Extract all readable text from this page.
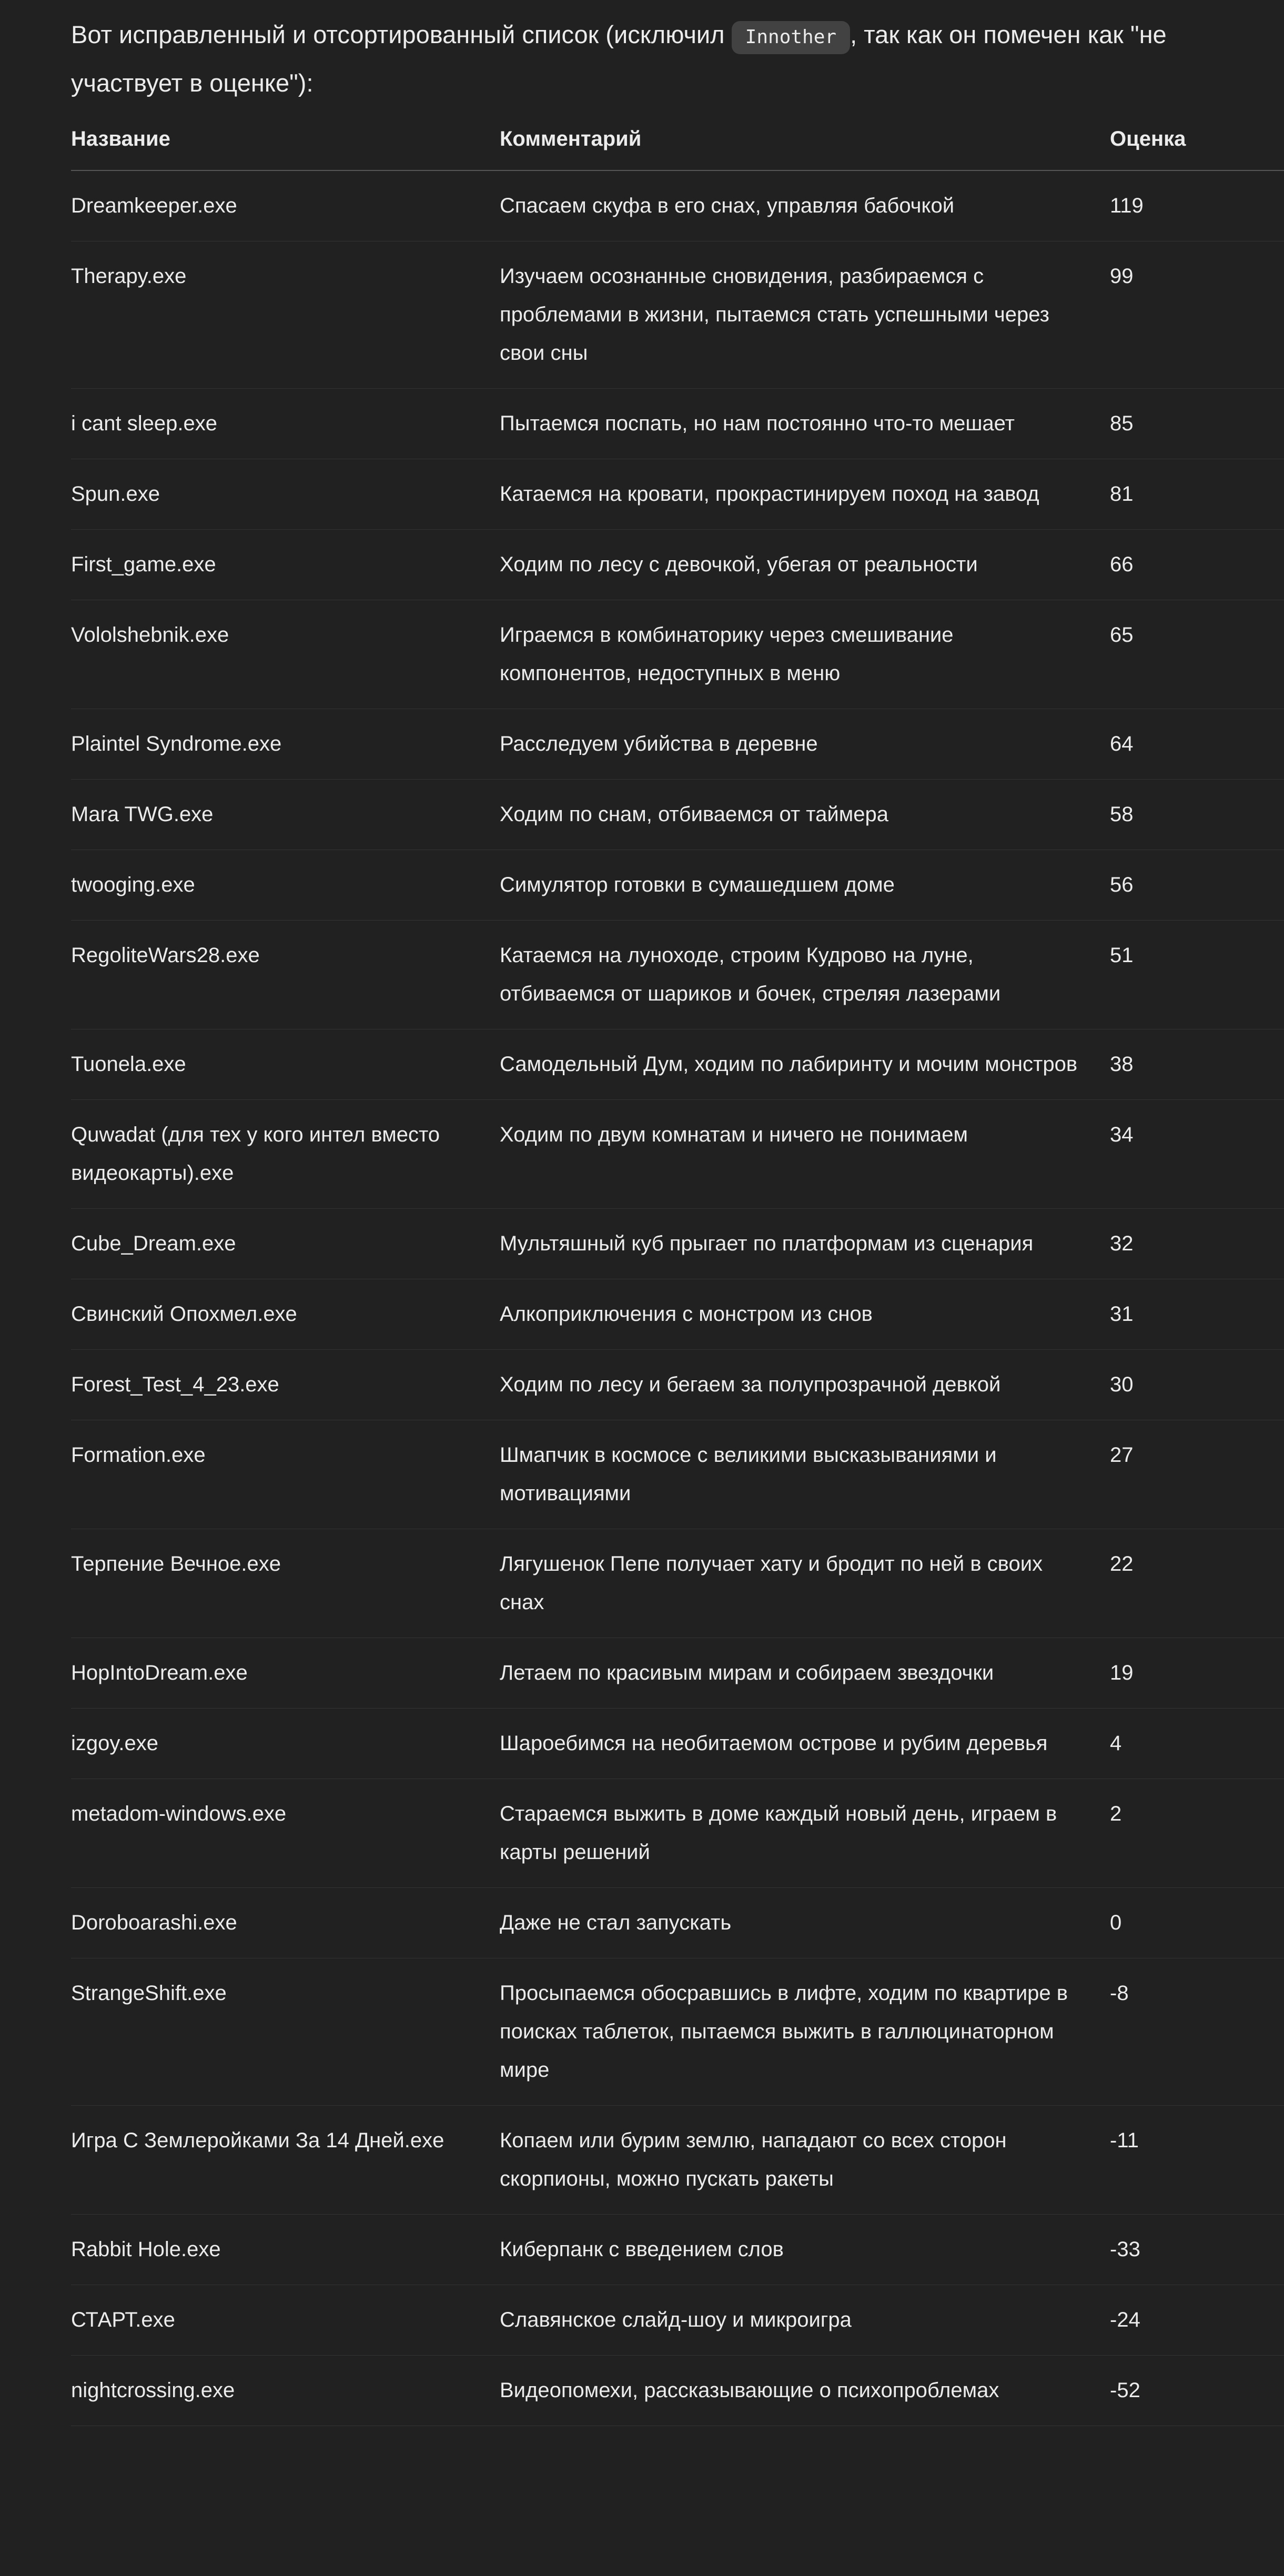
Вот исправленный и отсортированный список (исключил Innother , так как он помечен как "не участвует в оценке"):

Название	Комментарий	Оценка
Dreamkeeper.exe	Спасаем скуфа в его снах, управляя бабочкой	119
Therapy.exe	Изучаем осознанные сновидения, разбираемся с проблемами в жизни, пытаемся стать успешными через свои сны	99
i cant sleep.exe	Пытаемся поспать, но нам постоянно что-то мешает	85
Spun.exe	Катаемся на кровати, прокрастинируем поход на завод	81
First_game.exe	Ходим по лесу с девочкой, убегая от реальности	66
Vololshebnik.exe	Играемся в комбинаторику через смешивание компонентов, недоступных в меню	65
Plaintel Syndrome.exe	Расследуем убийства в деревне	64
Mara TWG.exe	Ходим по снам, отбиваемся от таймера	58
twooging.exe	Симулятор готовки в сумашедшем доме	56
RegoliteWars28.exe	Катаемся на луноходе, строим Кудрово на луне, отбиваемся от шариков и бочек, стреляя лазерами	51
Tuonela.exe	Самодельный Дум, ходим по лабиринту и мочим монстров	38
Quwadat (для тех у кого интел вместо видеокарты).exe	Ходим по двум комнатам и ничего не понимаем	34
Cube_Dream.exe	Мультяшный куб прыгает по платформам из сценария	32
Свинский Опохмел.exe	Алкоприключения с монстром из снов	31
Forest_Test_4_23.exe	Ходим по лесу и бегаем за полупрозрачной девкой	30
Formation.exe	Шмапчик в космосе с великими высказываниями и мотивациями	27
Терпение Вечное.exe	Лягушенок Пепе получает хату и бродит по ней в своих снах	22
HopIntoDream.exe	Летаем по красивым мирам и собираем звездочки	19
izgoy.exe	Шароебимся на необитаемом острове и рубим деревья	4
metadom-windows.exe	Стараемся выжить в доме каждый новый день, играем в карты решений	2
Doroboarashi.exe	Даже не стал запускать	0
StrangeShift.exe	Просыпаемся обосравшись в лифте, ходим по квартире в поисках таблеток, пытаемся выжить в галлюцинаторном мире	-8
Игра С Землеройками За 14 Дней.exe	Копаем или бурим землю, нападают со всех сторон скорпионы, можно пускать ракеты	-11
Rabbit Hole.exe	Киберпанк с введением слов	-33
СТАРТ.exe	Славянское слайд-шоу и микроигра	-24
nightcrossing.exe	Видеопомехи, рассказывающие о психопроблемах	-52
